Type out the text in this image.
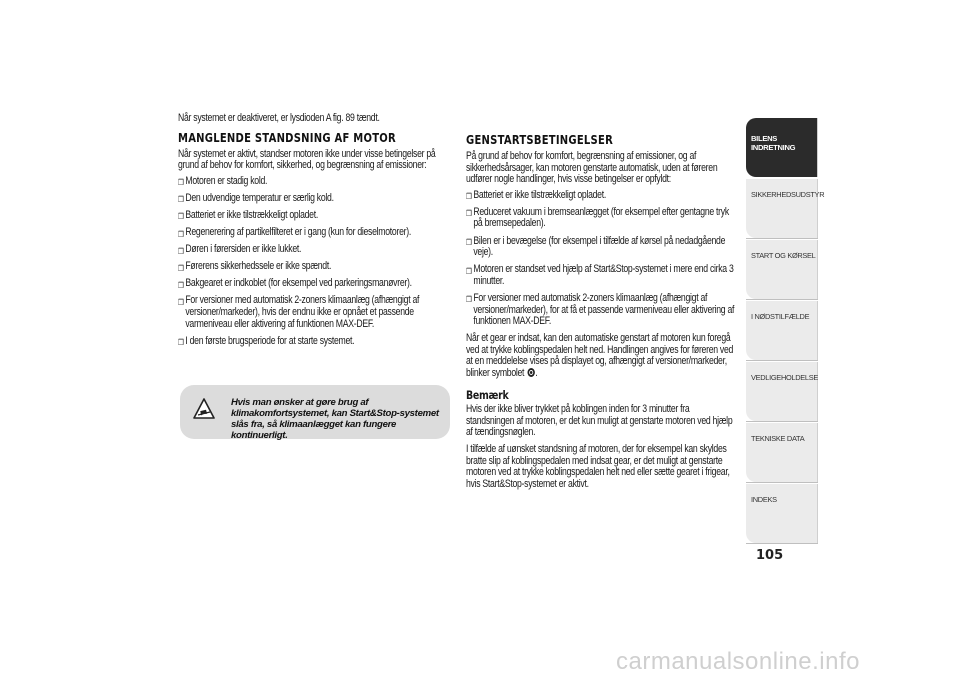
Når systemet er deaktiveret, er lysdioden A fig. 89 tændt.

MANGLENDE STANDSNING AF MOTOR

Når systemet er aktivt, standser motoren ikke under visse betingelser på grund af behov for komfort, sikkerhed, og begrænsning af emissioner:

❒ Motoren er stadig kold.
❒ Den udvendige temperatur er særlig kold.
❒ Batteriet er ikke tilstrækkeligt opladet.
❒ Regenerering af partikelfilteret er i gang (kun for dieselmotorer).
❒ Døren i førersiden er ikke lukket.
❒ Førerens sikkerhedssele er ikke spændt.
❒ Bakgearet er indkoblet (for eksempel ved parkeringsmanøvrer).
❒ For versioner med automatisk 2-zoners klimaanlæg (afhængigt af versioner/markeder), hvis der endnu ikke er opnået et passende varmeniveau eller aktivering af funktionen MAX-DEF.
❒ I den første brugsperiode for at starte systemet.
Hvis man ønsker at gøre brug af klimakomfortsystemet, kan Start&Stop-systemet slås fra, så klimaanlægget kan fungere kontinuerligt.
GENSTARTSBETINGELSER

På grund af behov for komfort, begrænsning af emissioner, og af sikkerhedsårsager, kan motoren genstarte automatisk, uden at føreren udfører nogle handlinger, hvis visse betingelser er opfyldt:

❒ Batteriet er ikke tilstrækkeligt opladet.
❒ Reduceret vakuum i bremseanlægget (for eksempel efter gentagne tryk på bremsepedalen).
❒ Bilen er i bevægelse (for eksempel i tilfælde af kørsel på nedadgående veje).
❒ Motoren er standset ved hjælp af Start&Stop-systemet i mere end cirka 3 minutter.
❒ For versioner med automatisk 2-zoners klimaanlæg (afhængigt af versioner/markeder), for at få et passende varmeniveau eller aktivering af funktionen MAX-DEF.

Når et gear er indsat, kan den automatiske genstart af motoren kun foregå ved at trykke koblingspedalen helt ned. Handlingen angives for føreren ved at en meddelelse vises på displayet og, afhængigt af versioner/markeder, blinker symbolet .

Bemærk

Hvis der ikke bliver trykket på koblingen inden for 3 minutter fra standsningen af motoren, er det kun muligt at genstarte motoren ved hjælp af tændingsnøglen.

I tilfælde af uønsket standsning af motoren, der for eksempel kan skyldes bratte slip af koblingspedalen med indsat gear, er det muligt at genstarte motoren ved at trykke koblingspedalen helt ned eller sætte gearet i frigear, hvis Start&Stop-systemet er aktivt.

BILENS INDRETNING
SIKKERHEDSUDSTYR
START OG KØRSEL
I NØDSTILFÆLDE
VEDLIGEHOLDELSE
TEKNISKE DATA
INDEKS
105
carmanualsonline.info
